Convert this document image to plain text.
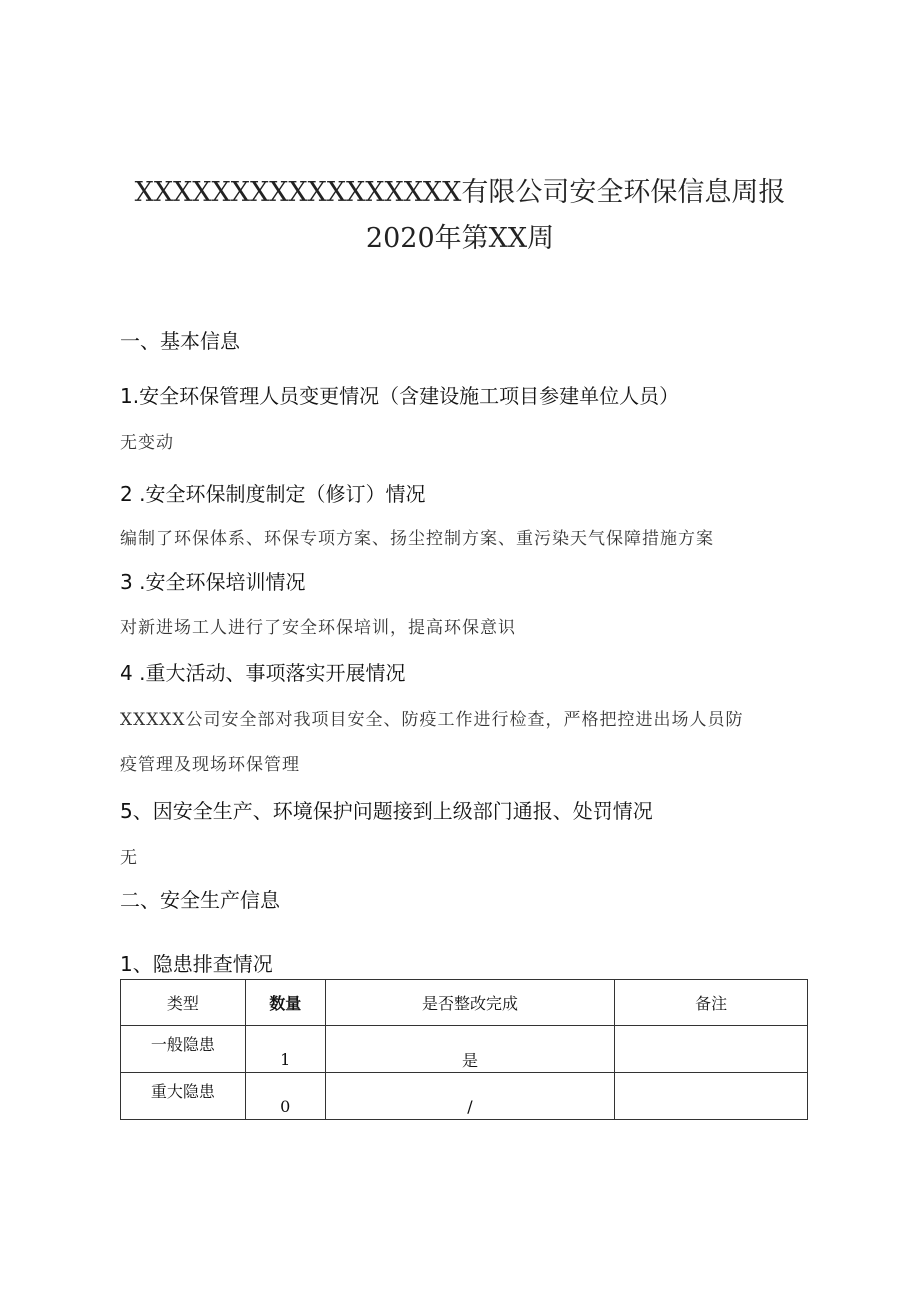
XXXXXXXXXXXXXXXXX有限公司安全环保信息周报
2020年第XX周
一、基本信息
1.安全环保管理人员变更情况（含建设施工项目参建单位人员）
无变动
2 .安全环保制度制定（修订）情况
编制了环保体系、环保专项方案、扬尘控制方案、重污染天气保障措施方案
3 .安全环保培训情况
对新进场工人进行了安全环保培训，提高环保意识
4 .重大活动、事项落实开展情况
XXXXX公司安全部对我项目安全、防疫工作进行检查，严格把控进出场人员防
疫管理及现场环保管理
5、因安全生产、环境保护问题接到上级部门通报、处罚情况
无
二、安全生产信息
1、隐患排查情况
类型	数量	是否整改完成	备注
一般隐患	1	是	
重大隐患	0	/	
